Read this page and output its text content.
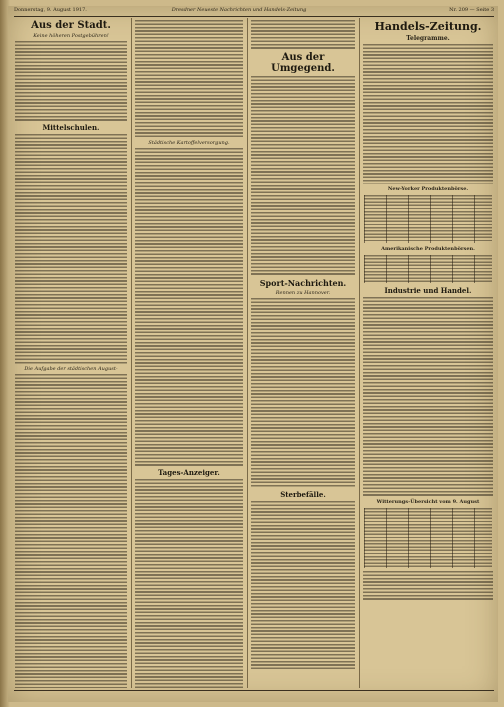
Donnerstag, 9. August 1917.	Dresdner Neueste Nachrichten und Handels-Zeitung	Nr. 209 — Seite 3
Aus der Stadt.
Keine höheren Postgebühren!
Mittelschulen.
Die Aufgabe der städtischen August-
Städtische Kartoffelversorgung.
Tages-Anzeiger.
Aus der Umgegend.
Sport-Nachrichten.
Rennen zu Hannover.
Sterbefälle.
Handels-Zeitung.
Telegramme.
New-Yorker Produktenbörse.
Amerikanische Produktenbörsen.
Industrie und Handel.
Witterungs-Übersicht vom 9. August
